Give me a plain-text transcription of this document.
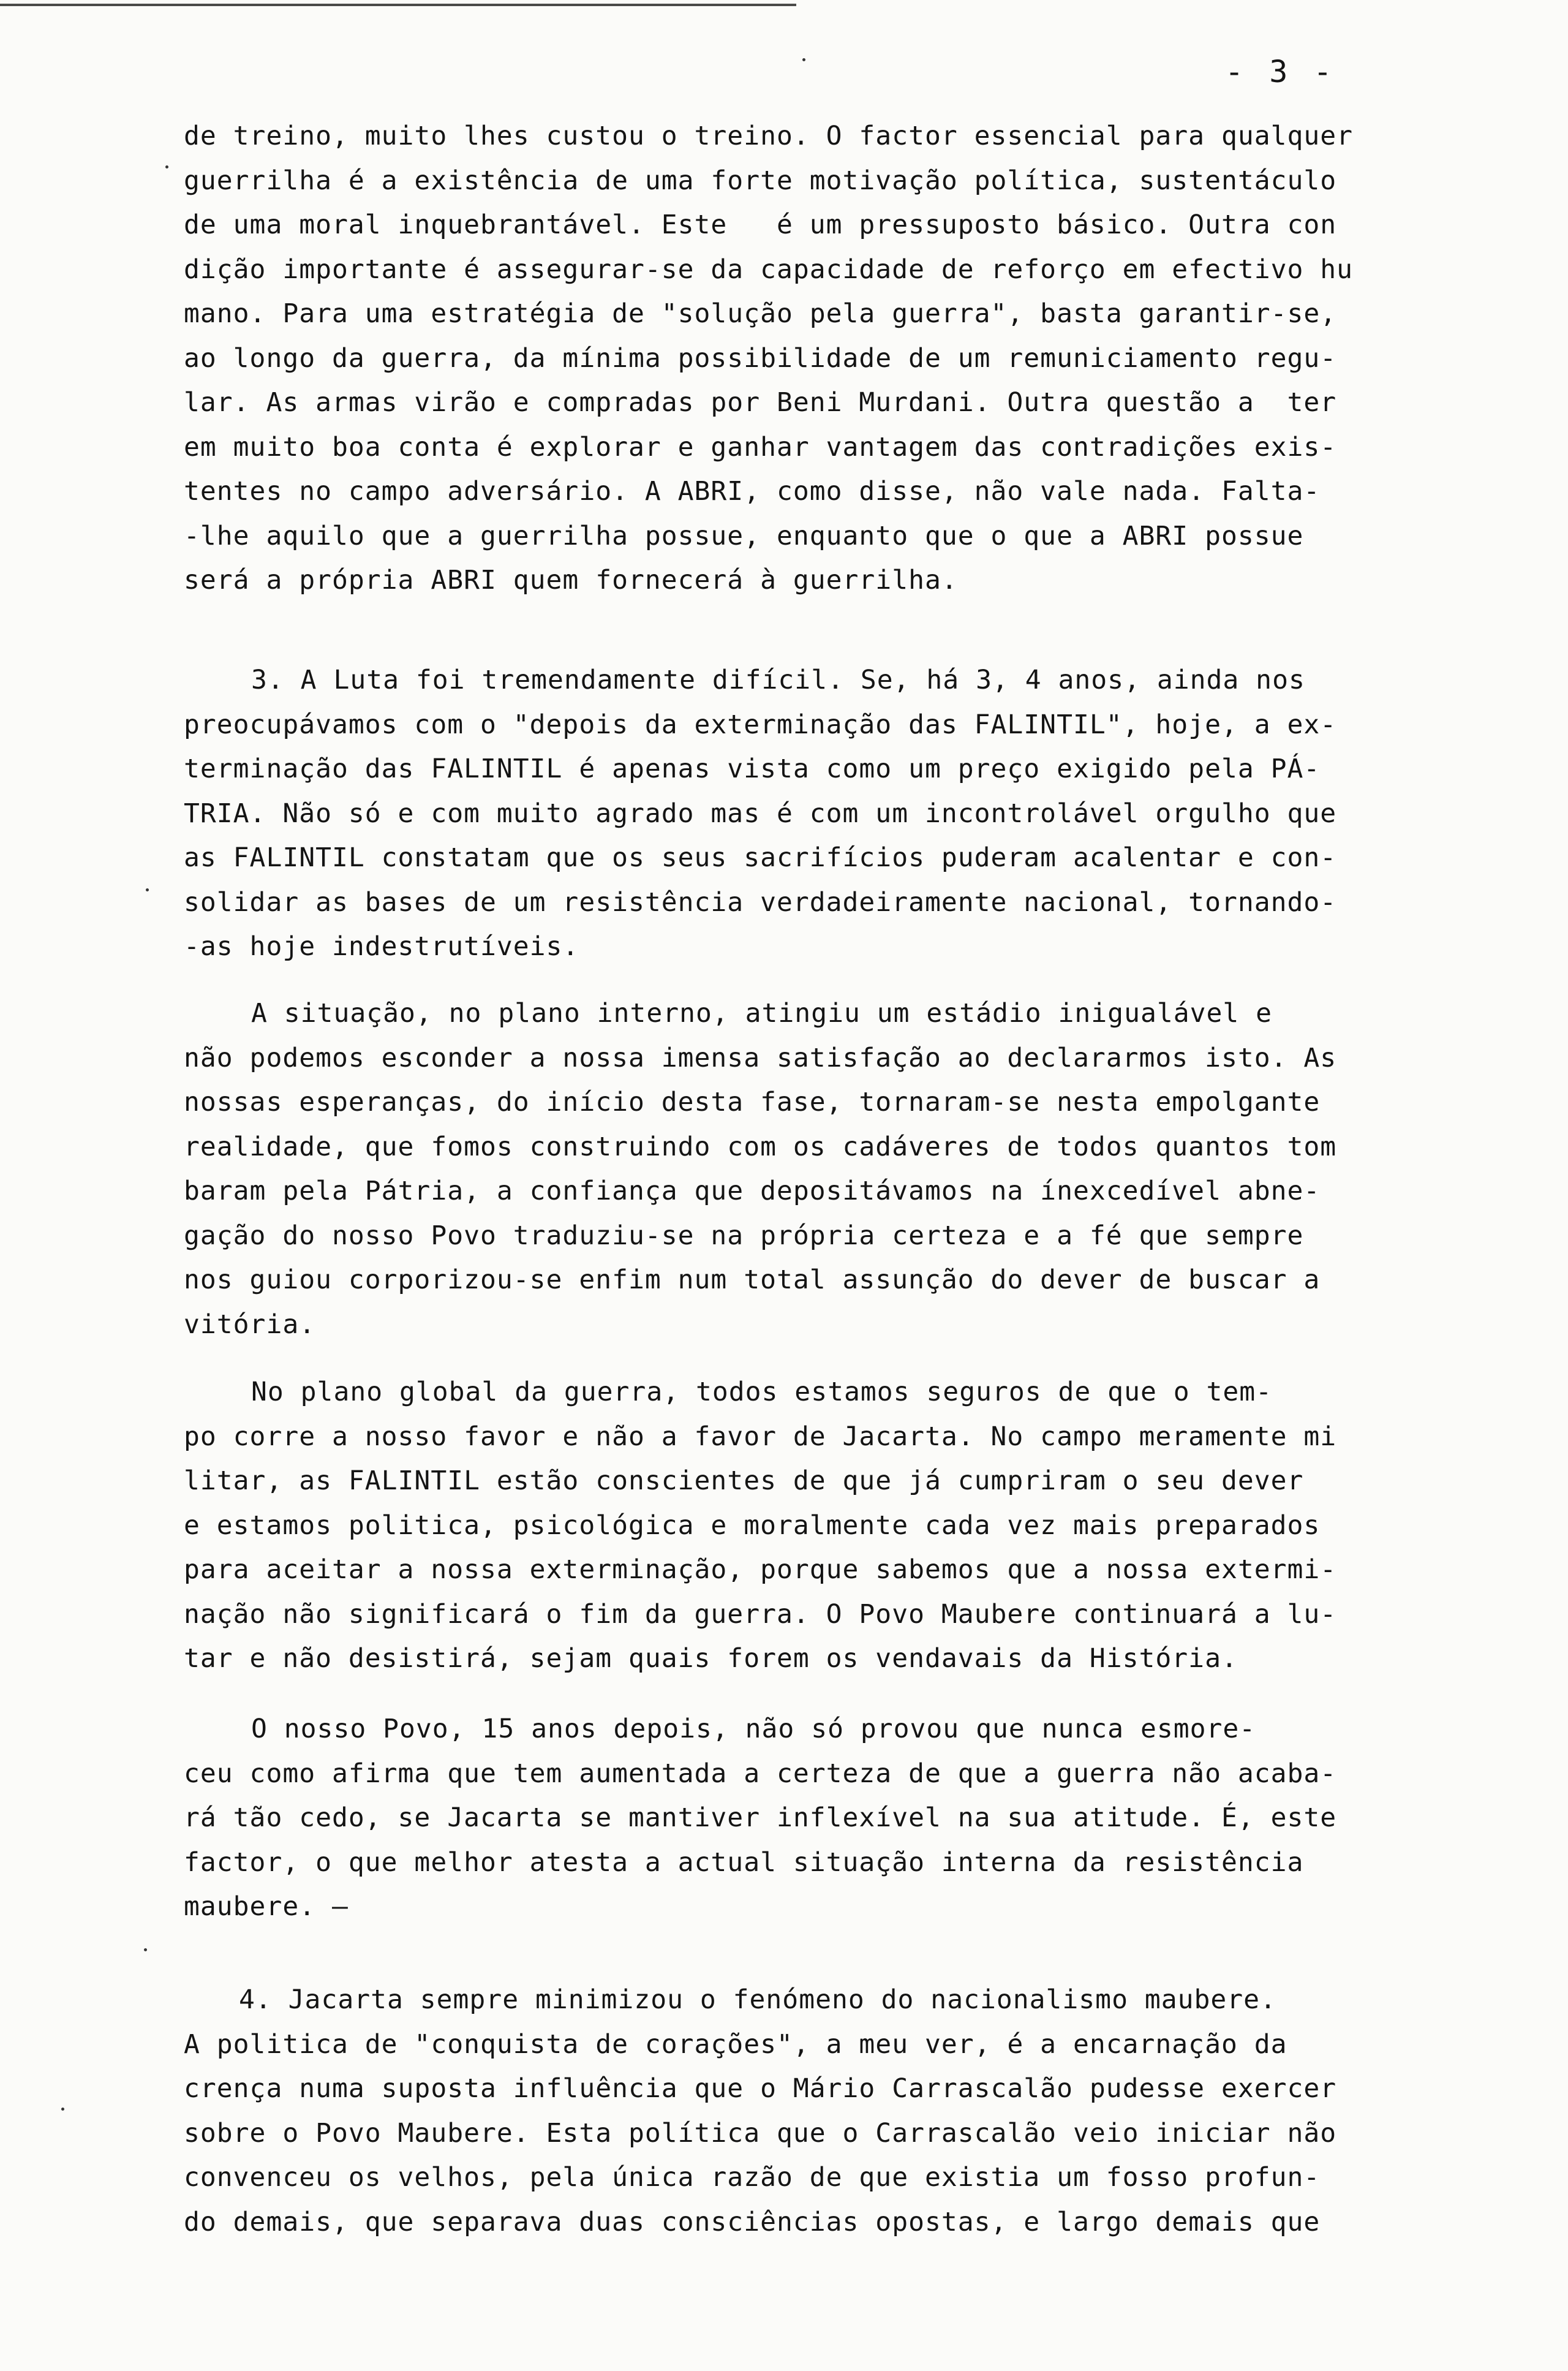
- 3 -
de treino, muito lhes custou o treino. O factor essencial para qualquer
guerrilha é a existência de uma forte motivação política, sustentáculo
de uma moral inquebrantável. Este   é um pressuposto básico. Outra con
dição importante é assegurar-se da capacidade de reforço em efectivo hu
mano. Para uma estratégia de "solução pela guerra", basta garantir-se,
ao longo da guerra, da mínima possibilidade de um remuniciamento regu-
lar. As armas virão e compradas por Beni Murdani. Outra questão a  ter
em muito boa conta é explorar e ganhar vantagem das contradições exis-
tentes no campo adversário. A ABRI, como disse, não vale nada. Falta-
-lhe aquilo que a guerrilha possue, enquanto que o que a ABRI possue
será a própria ABRI quem fornecerá à guerrilha.
3. A Luta foi tremendamente difícil. Se, há 3, 4 anos, ainda nos
preocupávamos com o "depois da exterminação das FALINTIL", hoje, a ex-
terminação das FALINTIL é apenas vista como um preço exigido pela PÁ-
TRIA. Não só e com muito agrado mas é com um incontrolável orgulho que
as FALINTIL constatam que os seus sacrifícios puderam acalentar e con-
solidar as bases de um resistência verdadeiramente nacional, tornando-
-as hoje indestrutíveis.
A situação, no plano interno, atingiu um estádio inigualável e
não podemos esconder a nossa imensa satisfação ao declararmos isto. As
nossas esperanças, do início desta fase, tornaram-se nesta empolgante
realidade, que fomos construindo com os cadáveres de todos quantos tom
baram pela Pátria, a confiança que depositávamos na ínexcedível abne-
gação do nosso Povo traduziu-se na própria certeza e a fé que sempre
nos guiou corporizou-se enfim num total assunção do dever de buscar a
vitória.
No plano global da guerra, todos estamos seguros de que o tem-
po corre a nosso favor e não a favor de Jacarta. No campo meramente mi
litar, as FALINTIL estão conscientes de que já cumpriram o seu dever
e estamos politica, psicológica e moralmente cada vez mais preparados
para aceitar a nossa exterminação, porque sabemos que a nossa extermi-
nação não significará o fim da guerra. O Povo Maubere continuará a lu-
tar e não desistirá, sejam quais forem os vendavais da História.
O nosso Povo, 15 anos depois, não só provou que nunca esmore-
ceu como afirma que tem aumentada a certeza de que a guerra não acaba-
rá tão cedo, se Jacarta se mantiver inflexível na sua atitude. É, este
factor, o que melhor atesta a actual situação interna da resistência
maubere. —
4. Jacarta sempre minimizou o fenómeno do nacionalismo maubere.
A politica de "conquista de corações", a meu ver, é a encarnação da
crença numa suposta influência que o Mário Carrascalão pudesse exercer
sobre o Povo Maubere. Esta política que o Carrascalão veio iniciar não
convenceu os velhos, pela única razão de que existia um fosso profun-
do demais, que separava duas consciências opostas, e largo demais que
